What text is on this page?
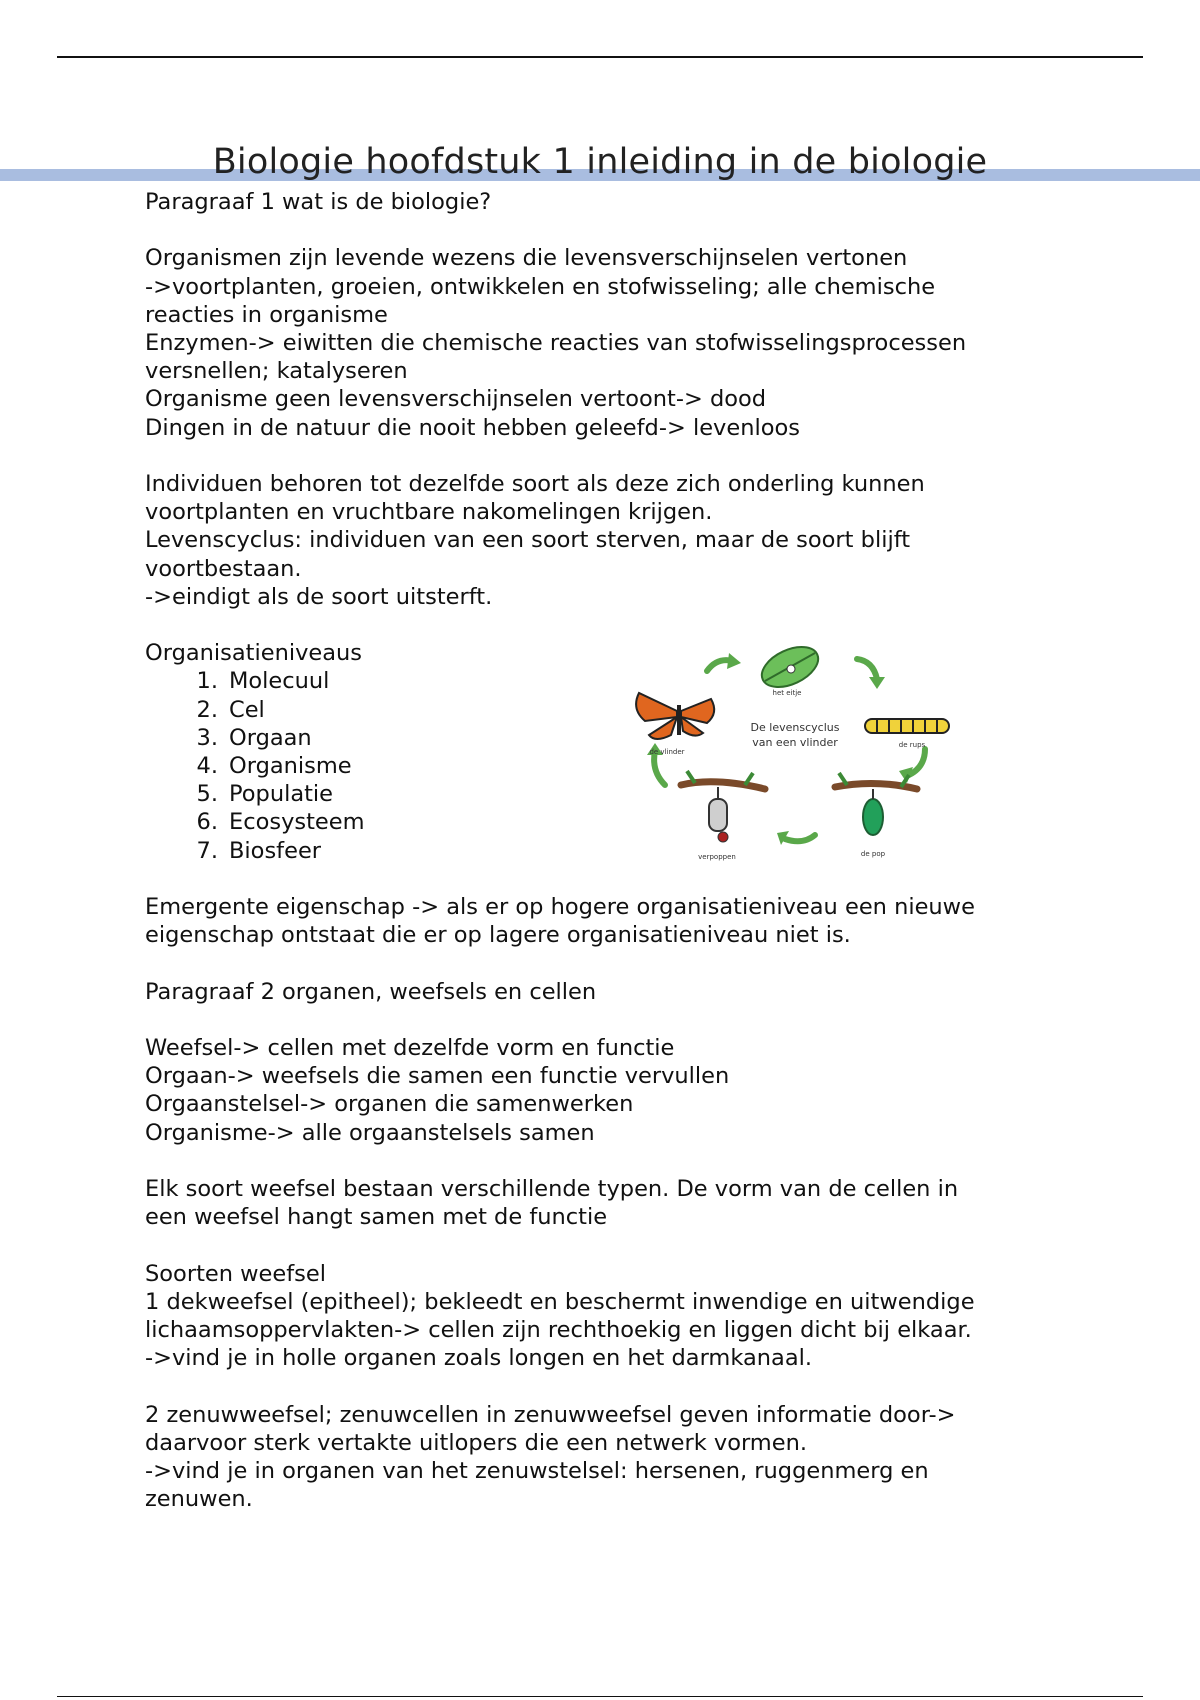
Biologie hoofdstuk 1 inleiding in de biologie

Paragraaf 1 wat is de biologie?

Organismen zijn levende wezens die levensverschijnselen vertonen

->voortplanten, groeien, ontwikkelen en stofwisseling; alle chemische

reacties in organisme

Enzymen-> eiwitten die chemische reacties van stofwisselingsprocessen

versnellen; katalyseren

Organisme geen levensverschijnselen vertoont-> dood

Dingen in de natuur die nooit hebben geleefd-> levenloos

Individuen behoren tot dezelfde soort als deze zich onderling kunnen

voortplanten en vruchtbare nakomelingen krijgen.

Levenscyclus: individuen van een soort sterven, maar de soort blijft

voortbestaan.

->eindigt als de soort uitsterft.

Organisatieniveaus

1. Molecuul
2. Cel
3. Orgaan
4. Organisme
5. Populatie
6. Ecosysteem
7. Biosfeer
het eitje
de vlinder
de rups
De levenscyclus
van een vlinder
verpoppen	de pop

Emergente eigenschap -> als er op hogere organisatieniveau een nieuwe

eigenschap ontstaat die er op lagere organisatieniveau niet is.

Paragraaf 2 organen, weefsels en cellen

Weefsel-> cellen met dezelfde vorm en functie

Orgaan-> weefsels die samen een functie vervullen

Orgaanstelsel-> organen die samenwerken

Organisme-> alle orgaanstelsels samen

Elk soort weefsel bestaan verschillende typen. De vorm van de cellen in

een weefsel hangt samen met de functie

Soorten weefsel

1 dekweefsel (epitheel); bekleedt en beschermt inwendige en uitwendige

lichaamsoppervlakten-> cellen zijn rechthoekig en liggen dicht bij elkaar.

->vind je in holle organen zoals longen en het darmkanaal.

2 zenuwweefsel; zenuwcellen in zenuwweefsel geven informatie door->

daarvoor sterk vertakte uitlopers die een netwerk vormen.

->vind je in organen van het zenuwstelsel: hersenen, ruggenmerg en

zenuwen.
